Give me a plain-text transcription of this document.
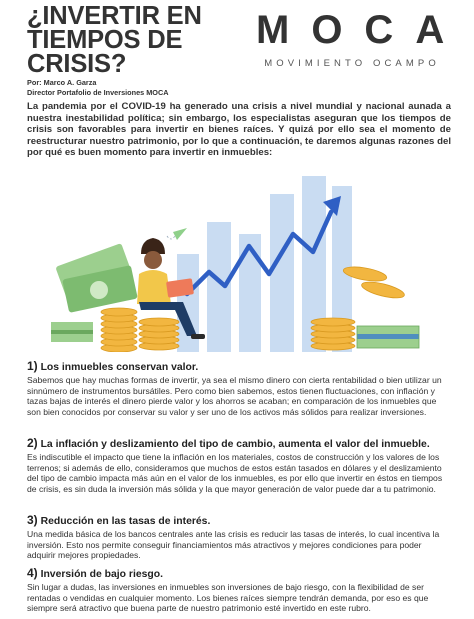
¿INVERTIR EN TIEMPOS DE CRISIS?
MOCA
MOVIMIENTO OCAMPO
Por: Marco A. Garza
Director Portafolio de Inversiones MOCA

La pandemia por el COVID-19 ha generado una crisis a nivel mundial y nacional aunada a nuestra inestabilidad política; sin embargo, los especialistas aseguran que los tiempos de crisis son favorables para invertir en bienes raíces. Y quizá por ello sea el momento de reestructurar nuestro patrimonio, por lo que a continuación, te daremos algunas razones del por qué es buen momento para invertir en inmuebles:

1) Los inmuebles conservan valor.

Sabemos que hay muchas formas de invertir, ya sea el mismo dinero con cierta rentabilidad o bien utilizar un sinnúmero de instrumentos bursátiles. Pero como bien sabemos, estos tienen fluctuaciones, con inflación y tazas bajas de interés el dinero pierde valor y los ahorros se acaban; en comparación de los inmuebles que son bien conocidos por conservar su valor y ser uno de los activos más sólidos para realizar inversiones.

2) La inflación y deslizamiento del tipo de cambio, aumenta el valor del inmueble.

Es indiscutible el impacto que tiene la inflación en los materiales, costos de construcción y los valores de los terrenos; si además de ello, consideramos que muchos de estos están tasados en dólares y el deslizamiento del tipo de cambio impacta más aún en el valor de los inmuebles, es por ello que invertir en éstos en tiempos de crisis, es sin duda la inversión más sólida y la que mayor generación de valor puede dar a tu patrimonio.

3) Reducción en las tasas de interés.

Una medida básica de los bancos centrales ante las crisis es reducir las tasas de interés, lo cual incentiva la inversión. Esto nos permite conseguir financiamientos más atractivos y mejores condiciones para poder adquirir mejores propiedades.

4) Inversión de bajo riesgo.

Sin lugar a dudas, las inversiones en inmuebles son inversiones de bajo riesgo, con la flexibilidad de ser rentadas o vendidas en cualquier momento. Los bienes raíces siempre tendrán demanda, por eso es que siempre será atractivo que buena parte de nuestro patrimonio esté invertido en este rubro.
